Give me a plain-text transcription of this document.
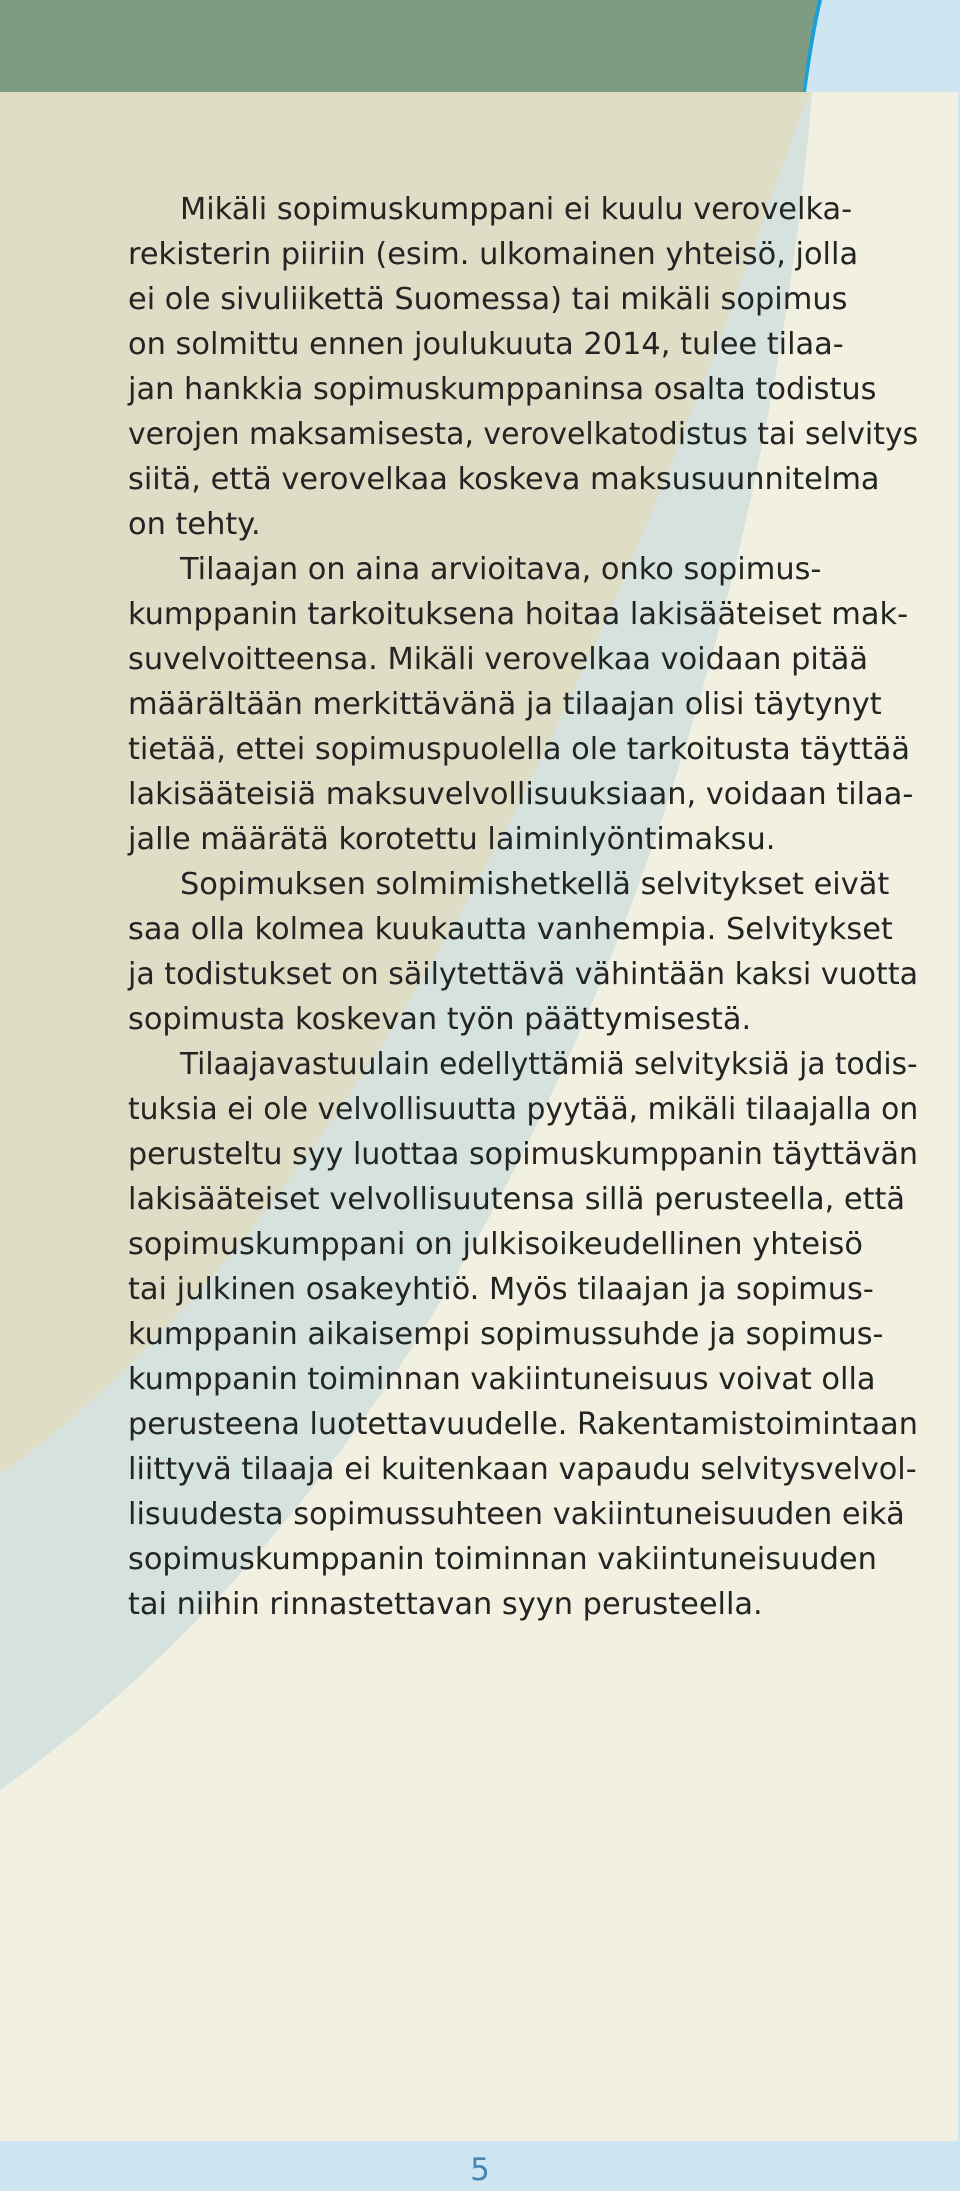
Mikäli sopimuskumppani ei kuulu verovelka-
rekisterin piiriin (esim. ulkomainen yhteisö, jolla
ei ole sivuliikettä Suomessa) tai mikäli sopimus
on solmittu ennen joulukuuta 2014, tulee tilaa-
jan hankkia sopimuskumppaninsa osalta todistus
verojen maksamisesta, verovelkatodistus tai selvitys
siitä, että verovelkaa koskeva maksusuunnitelma
on tehty.

Tilaajan on aina arvioitava, onko sopimus-
kumppanin tarkoituksena hoitaa lakisääteiset mak-
suvelvoitteensa. Mikäli verovelkaa voidaan pitää
määrältään merkittävänä ja tilaajan olisi täytynyt
tietää, ettei sopimuspuolella ole tarkoitusta täyttää
lakisääteisiä maksuvelvollisuuksiaan, voidaan tilaa-
jalle määrätä korotettu laiminlyöntimaksu.

Sopimuksen solmimishetkellä selvitykset eivät
saa olla kolmea kuukautta vanhempia. Selvitykset
ja todistukset on säilytettävä vähintään kaksi vuotta
sopimusta koskevan työn päättymisestä.

Tilaajavastuulain edellyttämiä selvityksiä ja todis-
tuksia ei ole velvollisuutta pyytää, mikäli tilaajalla on
perusteltu syy luottaa sopimuskumppanin täyttävän
lakisääteiset velvollisuutensa sillä perusteella, että
sopimuskumppani on julkisoikeudellinen yhteisö
tai julkinen osakeyhtiö. Myös tilaajan ja sopimus-
kumppanin aikaisempi sopimussuhde ja sopimus-
kumppanin toiminnan vakiintuneisuus voivat olla
perusteena luotettavuudelle. Rakentamistoimintaan
liittyvä tilaaja ei kuitenkaan vapaudu selvitysvelvol-
lisuudesta sopimussuhteen vakiintuneisuuden eikä
sopimuskumppanin toiminnan vakiintuneisuuden
tai niihin rinnastettavan syyn perusteella.

5
